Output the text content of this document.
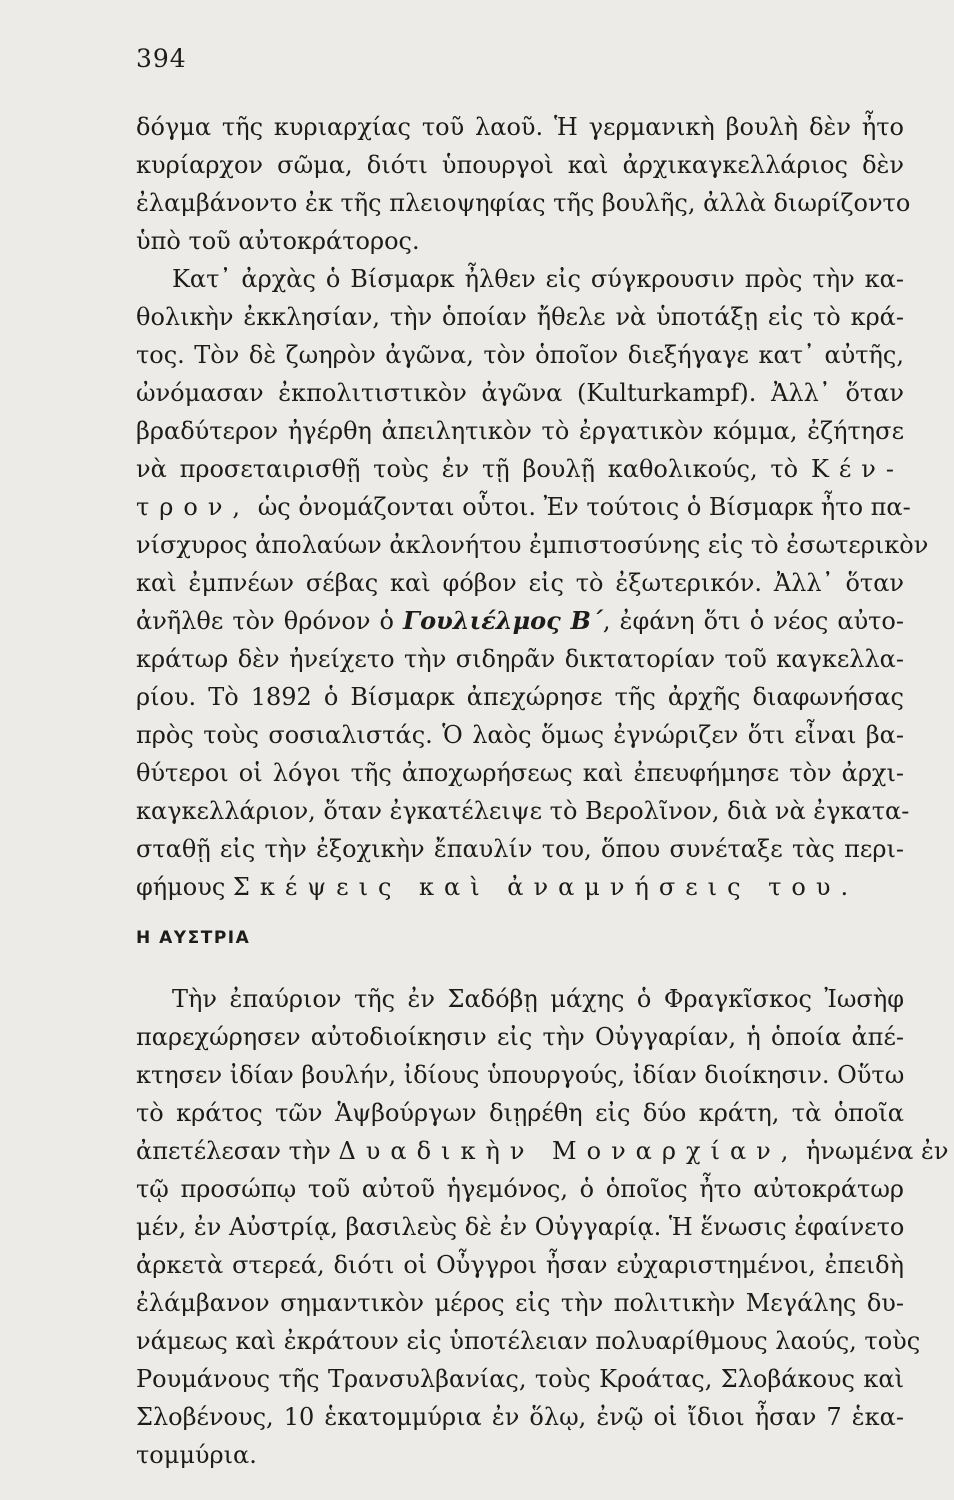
394
δόγμα τῆς κυριαρχίας τοῦ λαοῦ. Ἡ γερμανικὴ βουλὴ δὲν ἦτο
κυρίαρχον σῶμα, διότι ὑπουργοὶ καὶ ἀρχικαγκελλάριος δὲν
ἐλαμβάνοντο ἐκ τῆς πλειοψηφίας τῆς βουλῆς, ἀλλὰ διωρίζοντο
ὑπὸ τοῦ αὐτοκράτορος.
Κατ᾽ ἀρχὰς ὁ Βίσμαρκ ἦλθεν εἰς σύγκρουσιν πρὸς τὴν κα-
θολικὴν ἐκκλησίαν, τὴν ὁποίαν ἤθελε νὰ ὑποτάξῃ εἰς τὸ κρά-
τος. Τὸν δὲ ζωηρὸν ἀγῶνα, τὸν ὁποῖον διεξήγαγε κατ᾽ αὐτῆς,
ὠνόμασαν ἐκπολιτιστικὸν ἀγῶνα (Kulturkampf). Ἀλλ᾽ ὅταν
βραδύτερον ἠγέρθη ἀπειλητικὸν τὸ ἐργατικὸν κόμμα, ἐζήτησε
νὰ προσεταιρισθῇ τοὺς ἐν τῇ βουλῇ καθολικούς, τὸ Κέν-
τρον, ὡς ὀνομάζονται οὗτοι. Ἐν τούτοις ὁ Βίσμαρκ ἦτο πα-
νίσχυρος ἀπολαύων ἀκλονήτου ἐμπιστοσύνης εἰς τὸ ἐσωτερικὸν
καὶ ἐμπνέων σέβας καὶ φόβον εἰς τὸ ἐξωτερικόν. Ἀλλ᾽ ὅταν
ἀνῆλθε τὸν θρόνον ὁ Γουλιέλμος Β΄, ἐφάνη ὅτι ὁ νέος αὐτο-
κράτωρ δὲν ἠνείχετο τὴν σιδηρᾶν δικτατορίαν τοῦ καγκελλα-
ρίου. Τὸ 1892 ὁ Βίσμαρκ ἀπεχώρησε τῆς ἀρχῆς διαφωνήσας
πρὸς τοὺς σοσιαλιστάς. Ὁ λαὸς ὅμως ἐγνώριζεν ὅτι εἶναι βα-
θύτεροι οἱ λόγοι τῆς ἀποχωρήσεως καὶ ἐπευφήμησε τὸν ἀρχι-
καγκελλάριον, ὅταν ἐγκατέλειψε τὸ Βερολῖνον, διὰ νὰ ἐγκατα-
σταθῇ εἰς τὴν ἐξοχικὴν ἔπαυλίν του, ὅπου συνέταξε τὰς περι-
φήμους Σκέψεις καὶ ἀναμνήσεις του.
Η ΑΥΣΤΡΙΑ
Τὴν ἐπαύριον τῆς ἐν Σαδόβῃ μάχης ὁ Φραγκῖσκος Ἰωσὴφ
παρεχώρησεν αὐτοδιοίκησιν εἰς τὴν Οὐγγαρίαν, ἡ ὁποία ἀπέ-
κτησεν ἰδίαν βουλήν, ἰδίους ὑπουργούς, ἰδίαν διοίκησιν. Οὕτω
τὸ κράτος τῶν Ἁψβούργων διῃρέθη εἰς δύο κράτη, τὰ ὁποῖα
ἀπετέλεσαν τὴν Δυαδικὴν Μοναρχίαν, ἡνωμένα ἐν
τῷ προσώπῳ τοῦ αὐτοῦ ἡγεμόνος, ὁ ὁποῖος ἦτο αὐτοκράτωρ
μέν, ἐν Αὐστρίᾳ, βασιλεὺς δὲ ἐν Οὐγγαρίᾳ. Ἡ ἕνωσις ἐφαίνετο
ἀρκετὰ στερεά, διότι οἱ Οὖγγροι ἦσαν εὐχαριστημένοι, ἐπειδὴ
ἐλάμβανον σημαντικὸν μέρος εἰς τὴν πολιτικὴν Μεγάλης δυ-
νάμεως καὶ ἐκράτουν εἰς ὑποτέλειαν πολυαρίθμους λαούς, τοὺς
Ρουμάνους τῆς Τρανσυλβανίας, τοὺς Κροάτας, Σλοβάκους καὶ
Σλοβένους, 10 ἑκατομμύρια ἐν ὅλῳ, ἐνῷ οἱ ἴδιοι ἦσαν 7 ἑκα-
τομμύρια.
